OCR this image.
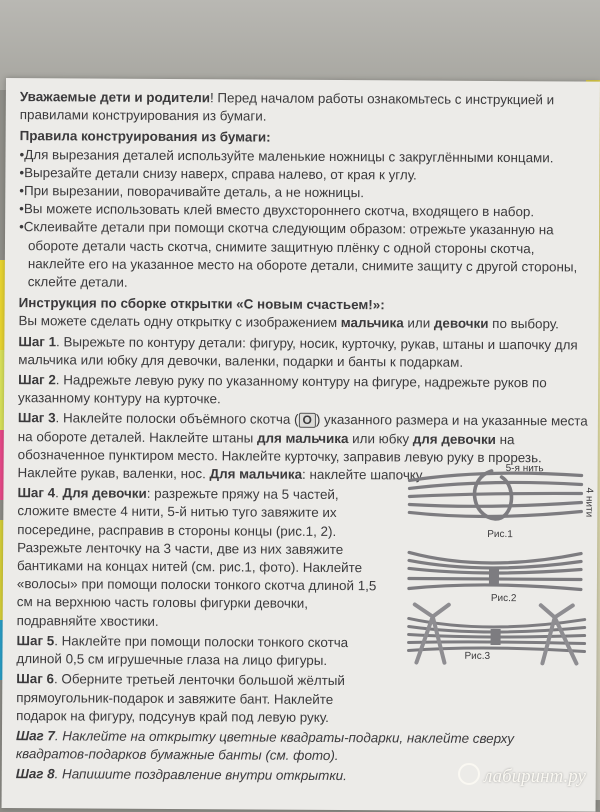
Уважаемые дети и родители! Перед началом работы ознакомьтесь с инструкцией и правилами конструирования из бумаги.

Правила конструирования из бумаги:

•Для вырезания деталей используйте маленькие ножницы с закруглёнными концами.

•Вырезайте детали снизу наверх, справа налево, от края к углу.

•При вырезании, поворачивайте деталь, а не ножницы.

•Вы можете использовать клей вместо двухстороннего скотча, входящего в набор.

•Склеивайте детали при помощи скотча следующим образом: отрежьте указанную на обороте детали часть скотча, снимите защитную плёнку с одной стороны скотча, наклейте его на указанное место на обороте детали, снимите защиту с другой стороны, склейте детали.

Инструкция по сборке открытки «С новым счастьем!»:

Вы можете сделать одну открытку с изображением мальчика или девочки по выбору.

Шаг 1. Вырежьте по контуру детали: фигуру, носик, курточку, рукав, штаны и шапочку для мальчика или юбку для девочки, валенки, подарки и банты к подаркам.

Шаг 2. Надрежьте левую руку по указанному контуру на фигуре, надрежьте руков по указанному контуру на курточке.

Шаг 3. Наклейте полоски объёмного скотча ( O ) указанного размера и на указанные места на обороте деталей. Наклейте штаны для мальчика или юбку для девочки на обозначенное пунктиром место. Наклейте курточку, заправив левую руку в прорезь. Наклейте рукав, валенки, нос. Для мальчика: наклейте шапочку.

Шаг 4. Для девочки: разрежьте пряжу на 5 частей, сложите вместе 4 нити, 5-й нитью туго завяжите их посередине, расправив в стороны концы (рис.1, 2). Разрежьте ленточку на 3 части, две из них завяжите бантиками на концах нитей (см. рис.1, фото). Наклейте «волосы» при помощи полоски тонкого скотча длиной 1,5 см на верхнюю часть головы фигурки девочки, подравняйте хвостики.

Шаг 5. Наклейте при помощи полоски тонкого скотча длиной 0,5 см игрушечные глаза на лицо фигуры.

Шаг 6. Оберните третьей ленточки большой жёлтый прямоугольник-подарок и завяжите бант. Наклейте подарок на фигуру, подсунув край под левую руку.

Шаг 7. Наклейте на открытку цветные квадраты-подарки, наклейте сверху квадратов-подарков бумажные банты (см. фото).

Шаг 8. Напишите поздравление внутри открытки.

5-я нить
4 нити
Рис.1
Рис.2
Рис.3
лабиринт.ру
